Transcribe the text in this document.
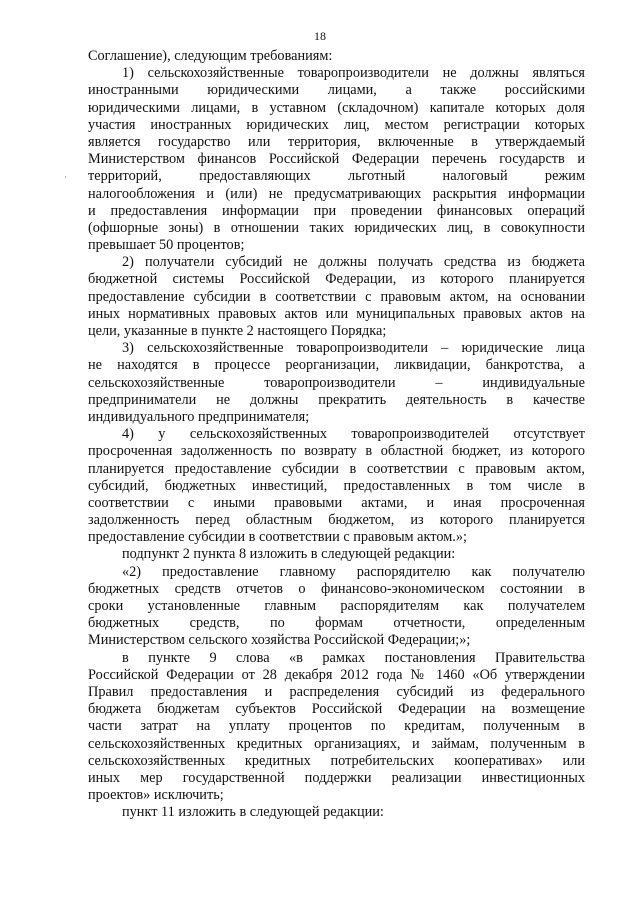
18
·
Соглашение), следующим требованиям:
1) сельскохозяйственные товаропроизводители не должны являться
иностранными юридическими лицами, а также российскими
юридическими лицами, в уставном (складочном) капитале которых доля
участия иностранных юридических лиц, местом регистрации которых
является государство или территория, включенные в утверждаемый
Министерством финансов Российской Федерации перечень государств и
территорий, предоставляющих льготный налоговый режим
налогообложения и (или) не предусматривающих раскрытия информации
и предоставления информации при проведении финансовых операций
(офшорные зоны) в отношении таких юридических лиц, в совокупности
превышает 50 процентов;
2) получатели субсидий не должны получать средства из бюджета
бюджетной системы Российской Федерации, из которого планируется
предоставление субсидии в соответствии с правовым актом, на основании
иных нормативных правовых актов или муниципальных правовых актов на
цели, указанные в пункте 2 настоящего Порядка;
3) сельскохозяйственные товаропроизводители – юридические лица
не находятся в процессе реорганизации, ликвидации, банкротства, а
сельскохозяйственные товаропроизводители – индивидуальные
предприниматели не должны прекратить деятельность в качестве
индивидуального предпринимателя;
4) у сельскохозяйственных товаропроизводителей отсутствует
просроченная задолженность по возврату в областной бюджет, из которого
планируется предоставление субсидии в соответствии с правовым актом,
субсидий, бюджетных инвестиций, предоставленных в том числе в
соответствии с иными правовыми актами, и иная просроченная
задолженность перед областным бюджетом, из которого планируется
предоставление субсидии в соответствии с правовым актом.»;
подпункт 2 пункта 8 изложить в следующей редакции:
«2) предоставление главному распорядителю как получателю
бюджетных средств отчетов о финансово-экономическом состоянии в
сроки установленные главным распорядителям как получателем
бюджетных средств, по формам отчетности, определенным
Министерством сельского хозяйства Российской Федерации;»;
в пункте 9 слова «в рамках постановления Правительства
Российской Федерации от 28 декабря 2012 года № 1460 «Об утверждении
Правил предоставления и распределения субсидий из федерального
бюджета бюджетам субъектов Российской Федерации на возмещение
части затрат на уплату процентов по кредитам, полученным в
сельскохозяйственных кредитных организациях, и займам, полученным в
сельскохозяйственных кредитных потребительских кооперативах» или
иных мер государственной поддержки реализации инвестиционных
проектов» исключить;
пункт 11 изложить в следующей редакции:
